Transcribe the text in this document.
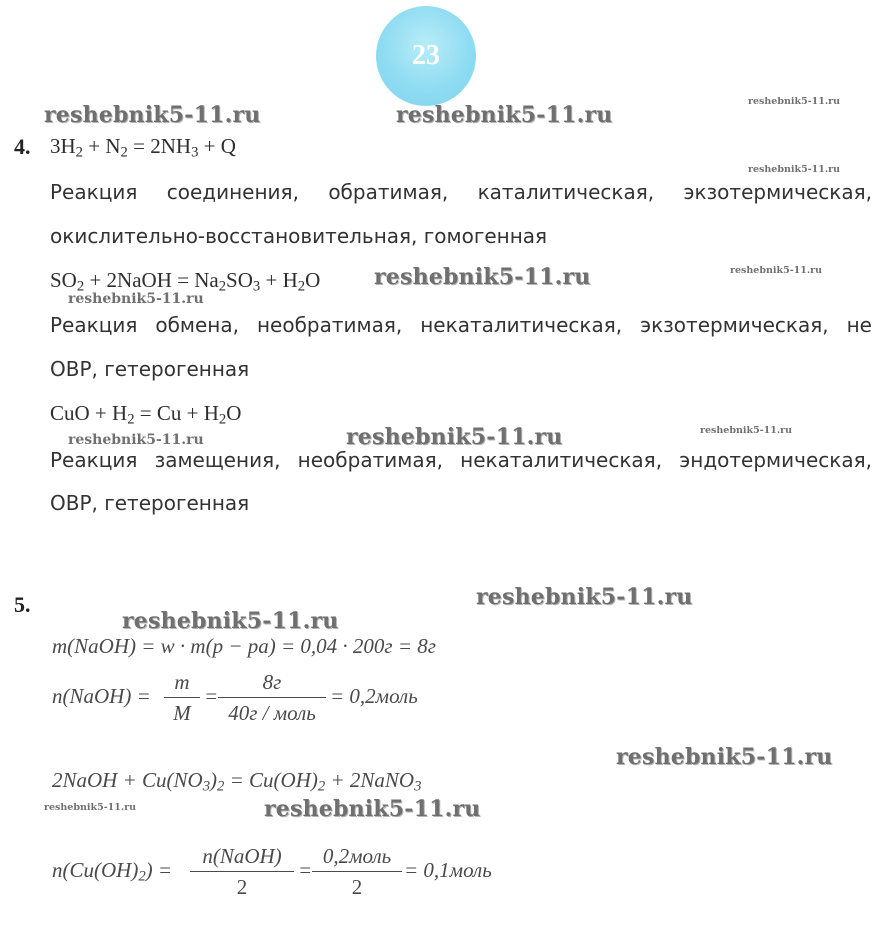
23
reshebnik5-11.ru	reshebnik5-11.ru
reshebnik5-11.ru
reshebnik5-11.ru
reshebnik5-11.ru	reshebnik5-11.ru
reshebnik5-11.ru
reshebnik5-11.ru	reshebnik5-11.ru	reshebnik5-11.ru
reshebnik5-11.ru
reshebnik5-11.ru
reshebnik5-11.ru
reshebnik5-11.ru	reshebnik5-11.ru
4. $3H_2 + N_2 = 2NH_3 + Q$
Реакция соединения, обратимая, каталитическая, экзотермическая,
окислительно-восстановительная, гомогенная
$SO_2$ + 2NaOH = $Na_2SO_3 + H_2O$
Реакция обмена, необратимая, некаталитическая, экзотермическая, не
ОВР, гетерогенная
CuO + $H_2 = Cu + H_2O$
Реакция замещения, необратимая, некаталитическая, эндотермическая,
ОВР, гетерогенная
5.
m(NaOH) = w · m(p − pa) = 0,04 · 200г = 8г
n(NaOH) = $\frac{m}{M}$ =
8г
40г / моль
= 0,2моль
2NaOH + $Cu(NO_3)_2 = Cu(OH)_2$ + 2NaNO$_3$
$n(Cu(OH)_2)$ =
n(NaOH)
2
=
0,2моль
2
= 0,1моль
